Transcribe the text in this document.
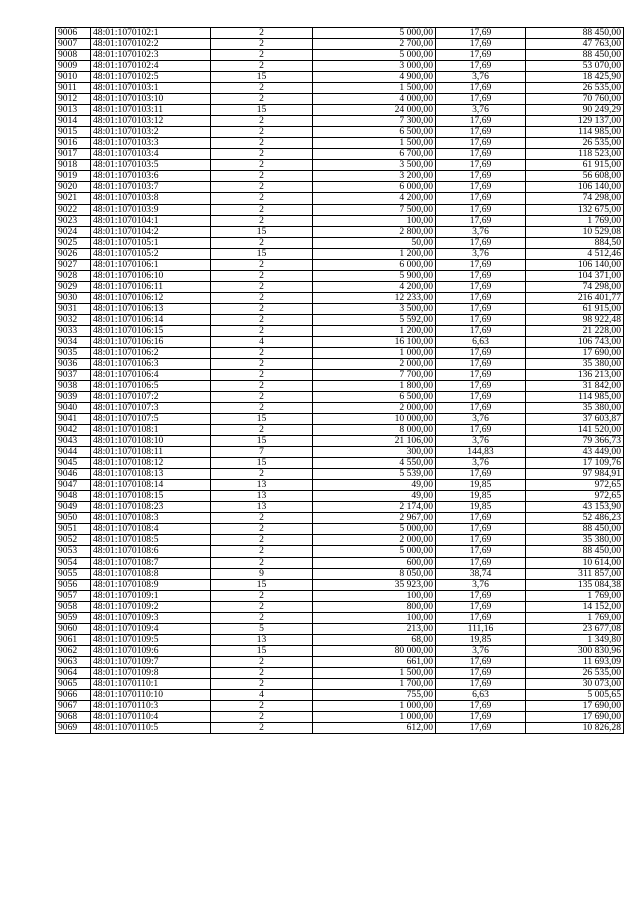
9006	48:01:1070102:1	2	5 000,00	17,69	88 450,00
9007	48:01:1070102:2	2	2 700,00	17,69	47 763,00
9008	48:01:1070102:3	2	5 000,00	17,69	88 450,00
9009	48:01:1070102:4	2	3 000,00	17,69	53 070,00
9010	48:01:1070102:5	15	4 900,00	3,76	18 425,90
9011	48:01:1070103:1	2	1 500,00	17,69	26 535,00
9012	48:01:1070103:10	2	4 000,00	17,69	70 760,00
9013	48:01:1070103:11	15	24 000,00	3,76	90 249,29
9014	48:01:1070103:12	2	7 300,00	17,69	129 137,00
9015	48:01:1070103:2	2	6 500,00	17,69	114 985,00
9016	48:01:1070103:3	2	1 500,00	17,69	26 535,00
9017	48:01:1070103:4	2	6 700,00	17,69	118 523,00
9018	48:01:1070103:5	2	3 500,00	17,69	61 915,00
9019	48:01:1070103:6	2	3 200,00	17,69	56 608,00
9020	48:01:1070103:7	2	6 000,00	17,69	106 140,00
9021	48:01:1070103:8	2	4 200,00	17,69	74 298,00
9022	48:01:1070103:9	2	7 500,00	17,69	132 675,00
9023	48:01:1070104:1	2	100,00	17,69	1 769,00
9024	48:01:1070104:2	15	2 800,00	3,76	10 529,08
9025	48:01:1070105:1	2	50,00	17,69	884,50
9026	48:01:1070105:2	15	1 200,00	3,76	4 512,46
9027	48:01:1070106:1	2	6 000,00	17,69	106 140,00
9028	48:01:1070106:10	2	5 900,00	17,69	104 371,00
9029	48:01:1070106:11	2	4 200,00	17,69	74 298,00
9030	48:01:1070106:12	2	12 233,00	17,69	216 401,77
9031	48:01:1070106:13	2	3 500,00	17,69	61 915,00
9032	48:01:1070106:14	2	5 592,00	17,69	98 922,48
9033	48:01:1070106:15	2	1 200,00	17,69	21 228,00
9034	48:01:1070106:16	4	16 100,00	6,63	106 743,00
9035	48:01:1070106:2	2	1 000,00	17,69	17 690,00
9036	48:01:1070106:3	2	2 000,00	17,69	35 380,00
9037	48:01:1070106:4	2	7 700,00	17,69	136 213,00
9038	48:01:1070106:5	2	1 800,00	17,69	31 842,00
9039	48:01:1070107:2	2	6 500,00	17,69	114 985,00
9040	48:01:1070107:3	2	2 000,00	17,69	35 380,00
9041	48:01:1070107:5	15	10 000,00	3,76	37 603,87
9042	48:01:1070108:1	2	8 000,00	17,69	141 520,00
9043	48:01:1070108:10	15	21 106,00	3,76	79 366,73
9044	48:01:1070108:11	7	300,00	144,83	43 449,00
9045	48:01:1070108:12	15	4 550,00	3,76	17 109,76
9046	48:01:1070108:13	2	5 539,00	17,69	97 984,91
9047	48:01:1070108:14	13	49,00	19,85	972,65
9048	48:01:1070108:15	13	49,00	19,85	972,65
9049	48:01:1070108:23	13	2 174,00	19,85	43 153,90
9050	48:01:1070108:3	2	2 967,00	17,69	52 486,23
9051	48:01:1070108:4	2	5 000,00	17,69	88 450,00
9052	48:01:1070108:5	2	2 000,00	17,69	35 380,00
9053	48:01:1070108:6	2	5 000,00	17,69	88 450,00
9054	48:01:1070108:7	2	600,00	17,69	10 614,00
9055	48:01:1070108:8	9	8 050,00	38,74	311 857,00
9056	48:01:1070108:9	15	35 923,00	3,76	135 084,38
9057	48:01:1070109:1	2	100,00	17,69	1 769,00
9058	48:01:1070109:2	2	800,00	17,69	14 152,00
9059	48:01:1070109:3	2	100,00	17,69	1 769,00
9060	48:01:1070109:4	5	213,00	111,16	23 677,08
9061	48:01:1070109:5	13	68,00	19,85	1 349,80
9062	48:01:1070109:6	15	80 000,00	3,76	300 830,96
9063	48:01:1070109:7	2	661,00	17,69	11 693,09
9064	48:01:1070109:8	2	1 500,00	17,69	26 535,00
9065	48:01:1070110:1	2	1 700,00	17,69	30 073,00
9066	48:01:1070110:10	4	755,00	6,63	5 005,65
9067	48:01:1070110:3	2	1 000,00	17,69	17 690,00
9068	48:01:1070110:4	2	1 000,00	17,69	17 690,00
9069	48:01:1070110:5	2	612,00	17,69	10 826,28
